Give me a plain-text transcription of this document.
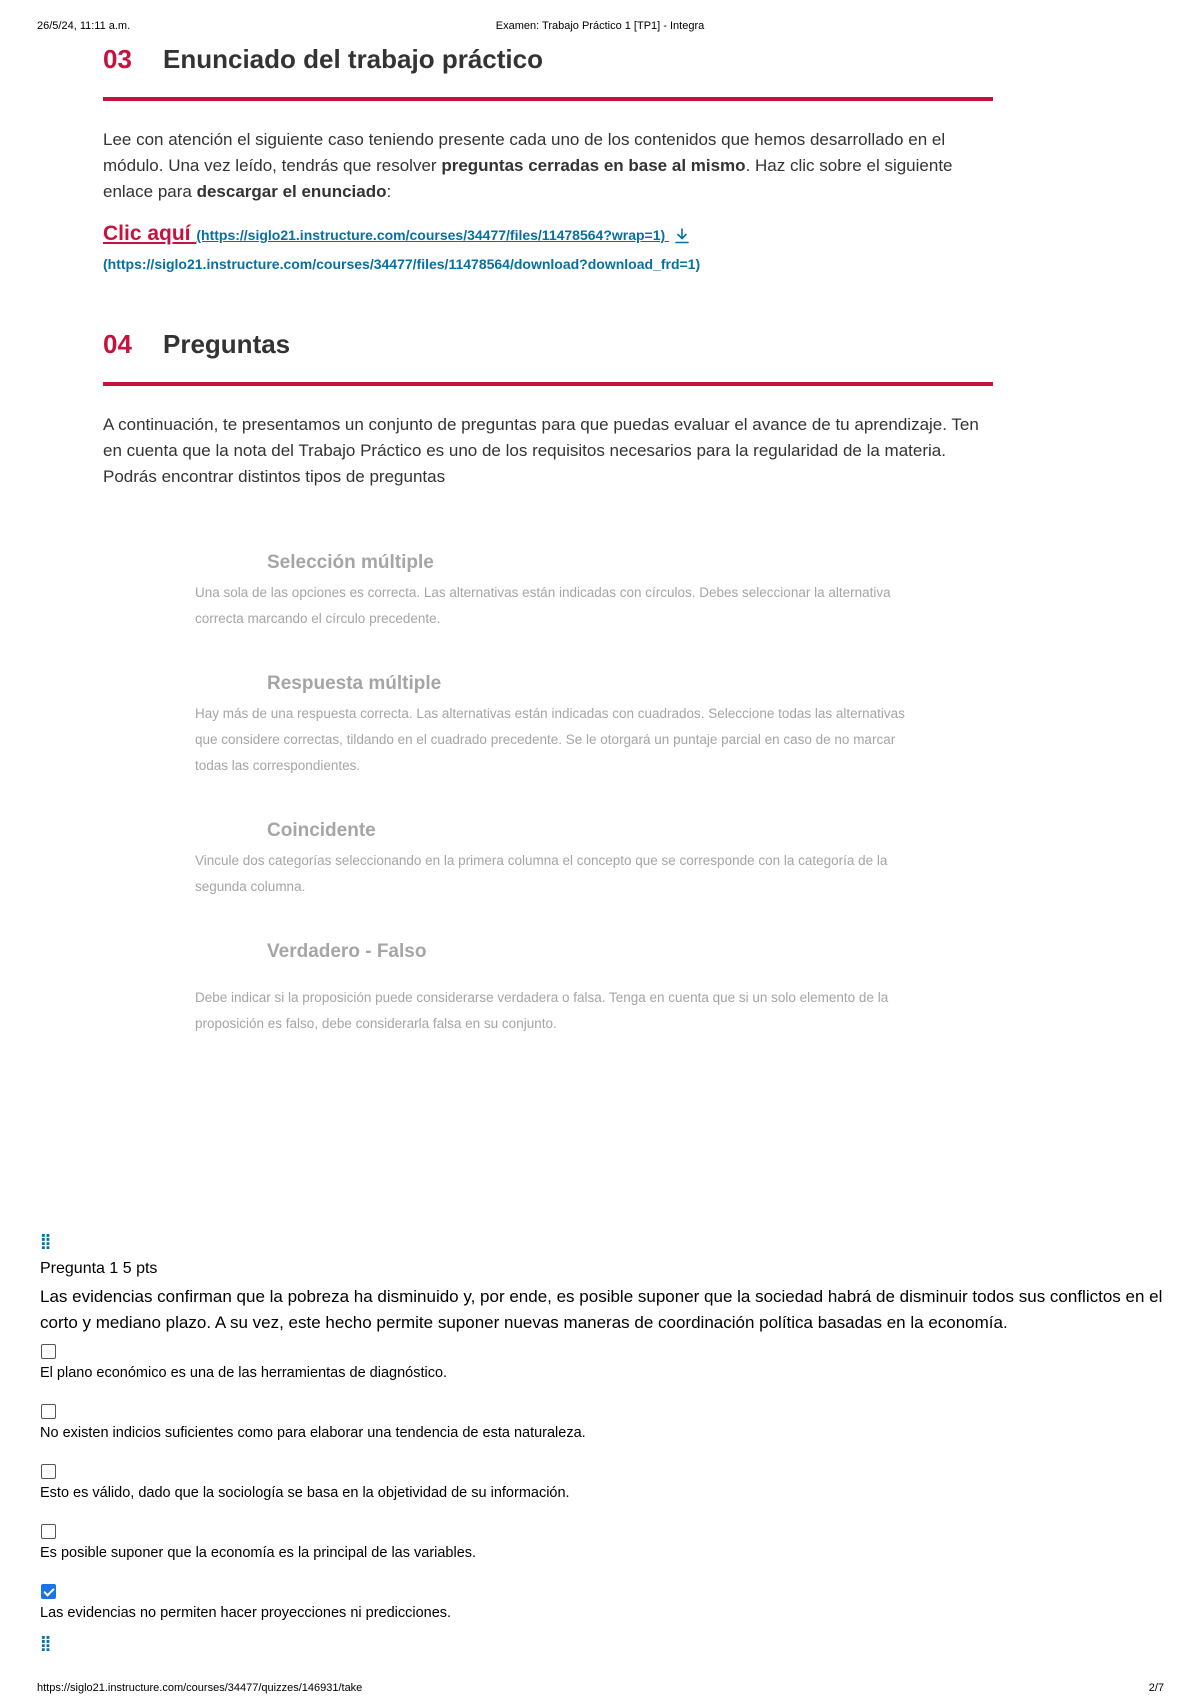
26/5/24, 11:11 a.m.	Examen: Trabajo Práctico 1 [TP1] - Integra
03	Enunciado del trabajo práctico

Lee con atención el siguiente caso teniendo presente cada uno de los contenidos que hemos desarrollado en el módulo. Una vez leído, tendrás que resolver preguntas cerradas en base al mismo. Haz clic sobre el siguiente enlace para descargar el enunciado:

Clic aquí (https://siglo21.instructure.com/courses/34477/files/11478564?wrap=1)
(https://siglo21.instructure.com/courses/34477/files/11478564/download?download_frd=1)
04	Preguntas

A continuación, te presentamos un conjunto de preguntas para que puedas evaluar el avance de tu aprendizaje. Ten en cuenta que la nota del Trabajo Práctico es uno de los requisitos necesarios para la regularidad de la materia. Podrás encontrar distintos tipos de preguntas

Selección múltiple
Una sola de las opciones es correcta. Las alternativas están indicadas con círculos. Debes seleccionar la alternativa correcta marcando el círculo precedente.
Respuesta múltiple
Hay más de una respuesta correcta. Las alternativas están indicadas con cuadrados. Seleccione todas las alternativas que considere correctas, tildando en el cuadrado precedente. Se le otorgará un puntaje parcial en caso de no marcar todas las correspondientes.
Coincidente
Vincule dos categorías seleccionando en la primera columna el concepto que se corresponde con la categoría de la segunda columna.
Verdadero - Falso
Debe indicar si la proposición puede considerarse verdadera o falsa. Tenga en cuenta que si un solo elemento de la proposición es falso, debe considerarla falsa en su conjunto.
⁞⁞
Pregunta 1 5 pts
Las evidencias confirman que la pobreza ha disminuido y, por ende, es posible suponer que la sociedad habrá de disminuir todos sus conflictos en el corto y mediano plazo. A su vez, este hecho permite suponer nuevas maneras de coordinación política basadas en la economía.
El plano económico es una de las herramientas de diagnóstico.
No existen indicios suficientes como para elaborar una tendencia de esta naturaleza.
Esto es válido, dado que la sociología se basa en la objetividad de su información.
Es posible suponer que la economía es la principal de las variables.
Las evidencias no permiten hacer proyecciones ni predicciones.
⁞⁞
https://siglo21.instructure.com/courses/34477/quizzes/146931/take	2/7
